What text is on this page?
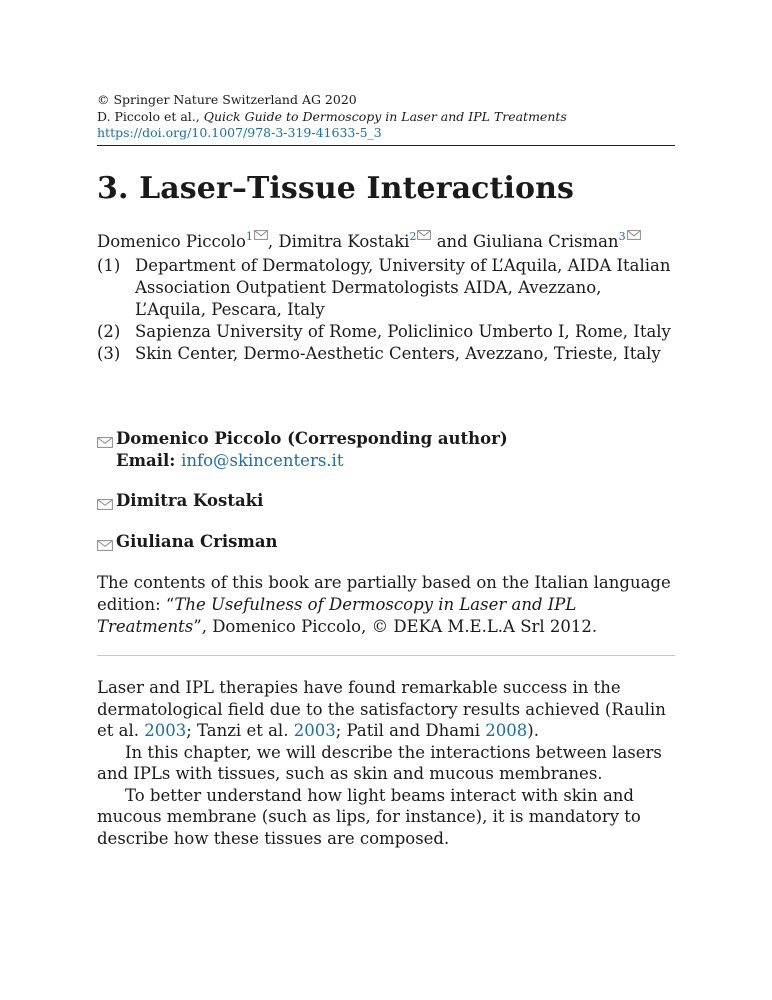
© Springer Nature Switzerland AG 2020
D. Piccolo et al., Quick Guide to Dermoscopy in Laser and IPL Treatments
https://doi.org/10.1007/978-3-319-41633-5_3
3. Laser–Tissue Interactions
Domenico Piccolo$^1$ , Dimitra Kostaki$^2$
and Giuliana Crisman$^3$
(1) Department of Dermatology, University of L’Aquila, AIDA Italian Association Outpatient Dermatologists AIDA, Avezzano, L’Aquila, Pescara, Italy
(2) Sapienza University of Rome, Policlinico Umberto I, Rome, Italy
(3) Skin Center, Dermo-Aesthetic Centers, Avezzano, Trieste, Italy
Domenico Piccolo (Corresponding author)
Email: info@skincenters.it
Dimitra Kostaki
Giuliana Crisman
The contents of this book are partially based on the Italian language edition: “The Usefulness of Dermoscopy in Laser and IPL Treatments”, Domenico Piccolo, © DEKA M.E.L.A Srl 2012.

Laser and IPL therapies have found remarkable success in the dermatological field due to the satisfactory results achieved (Raulin et al. 2003; Tanzi et al. 2003; Patil and Dhami 2008).

In this chapter, we will describe the interactions between lasers and IPLs with tissues, such as skin and mucous membranes.

To better understand how light beams interact with skin and mucous membrane (such as lips, for instance), it is mandatory to describe how these tissues are composed.
